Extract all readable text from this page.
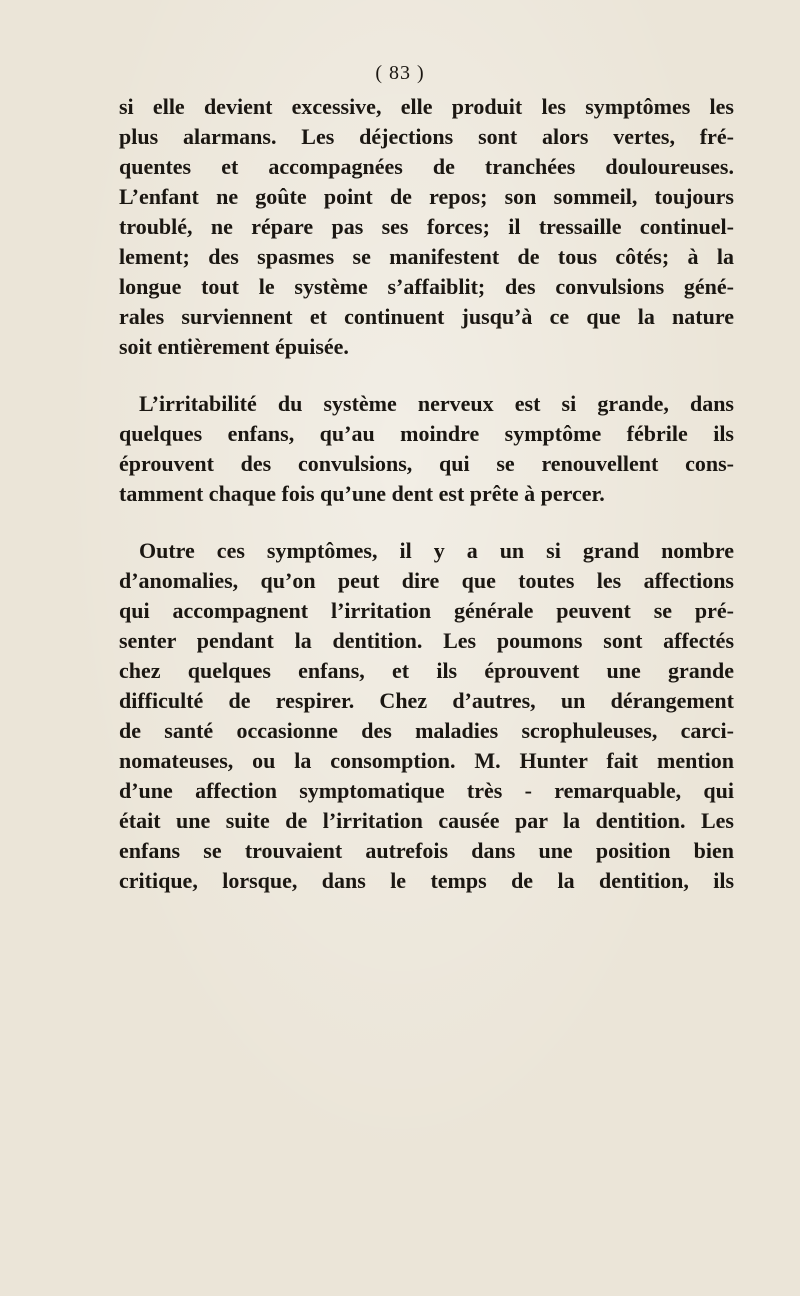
( 83 )

si elle devient excessive, elle produit les symptômes les
plus alarmans. Les déjections sont alors vertes, fré-
quentes et accompagnées de tranchées douloureuses.
L’enfant ne goûte point de repos; son sommeil, toujours
troublé, ne répare pas ses forces; il tressaille continuel-
lement; des spasmes se manifestent de tous côtés; à la
longue tout le système s’affaiblit; des convulsions géné-
rales surviennent et continuent jusqu’à ce que la nature
soit entièrement épuisée.

L’irritabilité du système nerveux est si grande, dans
quelques enfans, qu’au moindre symptôme fébrile ils
éprouvent des convulsions, qui se renouvellent cons-
tamment chaque fois qu’une dent est prête à percer.

Outre ces symptômes, il y a un si grand nombre
d’anomalies, qu’on peut dire que toutes les affections
qui accompagnent l’irritation générale peuvent se pré-
senter pendant la dentition. Les poumons sont affectés
chez quelques enfans, et ils éprouvent une grande
difficulté de respirer. Chez d’autres, un dérangement
de santé occasionne des maladies scrophuleuses, carci-
nomateuses, ou la consomption. M. Hunter fait mention
d’une affection symptomatique très - remarquable, qui
était une suite de l’irritation causée par la dentition. Les
enfans se trouvaient autrefois dans une position bien
critique, lorsque, dans le temps de la dentition, ils
